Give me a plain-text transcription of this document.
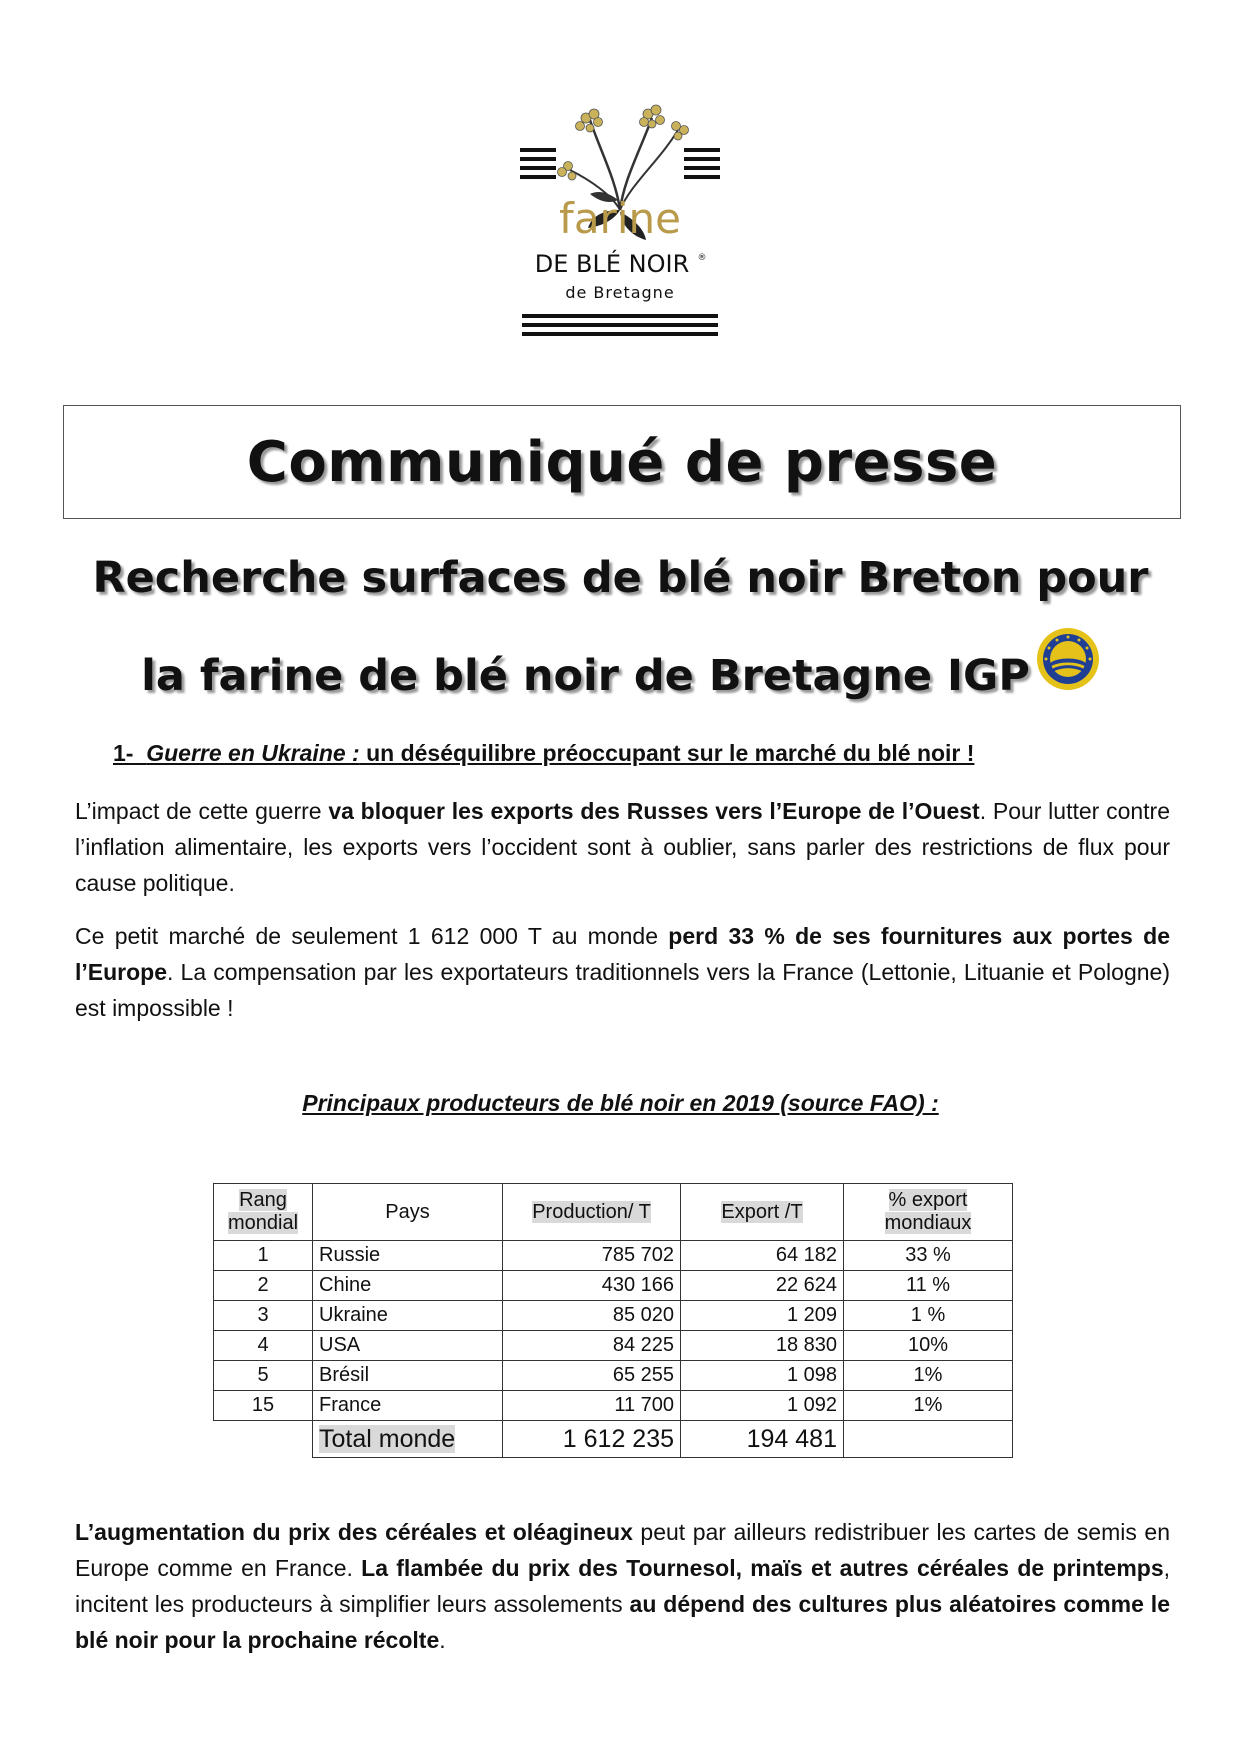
farine
DE BLÉ NOIR ®
de Bretagne
Communiqué de presse
Recherche surfaces de blé noir Breton pour
la farine de blé noir de Bretagne IGP
1- Guerre en Ukraine : un déséquilibre préoccupant sur le marché du blé noir !

L’impact de cette guerre va bloquer les exports des Russes vers l’Europe de l’Ouest. Pour lutter contre l’inflation alimentaire, les exports vers l’occident sont à oublier, sans parler des restrictions de flux pour cause politique.

Ce petit marché de seulement 1 612 000 T au monde perd 33 % de ses fournitures aux portes de l’Europe. La compensation par les exportateurs traditionnels vers la France (Lettonie, Lituanie et Pologne) est impossible !

Principaux producteurs de blé noir en 2019 (source FAO) :
Rang
mondial	Pays	Production/ T	Export /T	% export
mondiaux
1	Russie	785 702	64 182	33 %
2	Chine	430 166	22 624	11 %
3	Ukraine	85 020	1 209	1 %
4	USA	84 225	18 830	10%
5	Brésil	65 255	1 098	1%
15	France	11 700	1 092	1%
	Total monde	1 612 235	194 481	

L’augmentation du prix des céréales et oléagineux peut par ailleurs redistribuer les cartes de semis en Europe comme en France. La flambée du prix des Tournesol, maïs et autres céréales de printemps, incitent les producteurs à simplifier leurs assolements au dépend des cultures plus aléatoires comme le blé noir pour la prochaine récolte.
